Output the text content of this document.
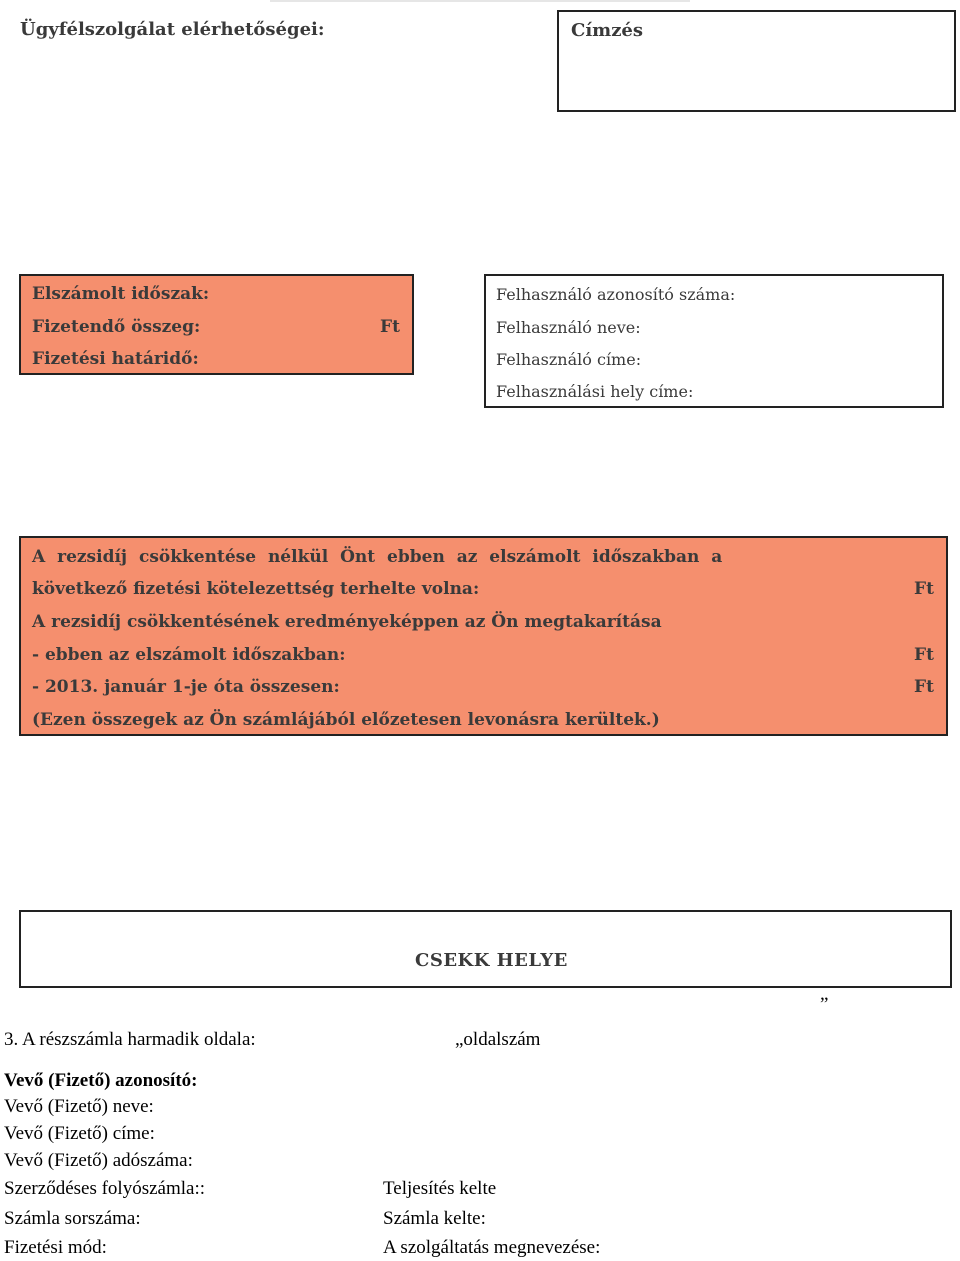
Ügyfélszolgálat elérhetőségei:	Címzés
Elszámolt időszak:
Fizetendő összeg:	Ft
Fizetési határidő:
Felhasználó azonosító száma:
Felhasználó neve:
Felhasználó címe:
Felhasználási hely címe:
A rezsidíj csökkentése nélkül Önt ebben az elszámolt időszakban a
következő fizetési kötelezettség terhelte volna:	Ft
A rezsidíj csökkentésének eredményeképpen az Ön megtakarítása
- ebben az elszámolt időszakban:	Ft
- 2013. január 1-je óta összesen:	Ft
(Ezen összegek az Ön számlájából előzetesen levonásra kerültek.)
CSEKK HELYE
”
3. A részszámla harmadik oldala:	„oldalszám
Vevő (Fizető) azonosító:
Vevő (Fizető) neve:
Vevő (Fizető) címe:
Vevő (Fizető) adószáma:
Szerződéses folyószámla::	Teljesítés kelte
Számla sorszáma:	Számla kelte:
Fizetési mód:	A szolgáltatás megnevezése:
